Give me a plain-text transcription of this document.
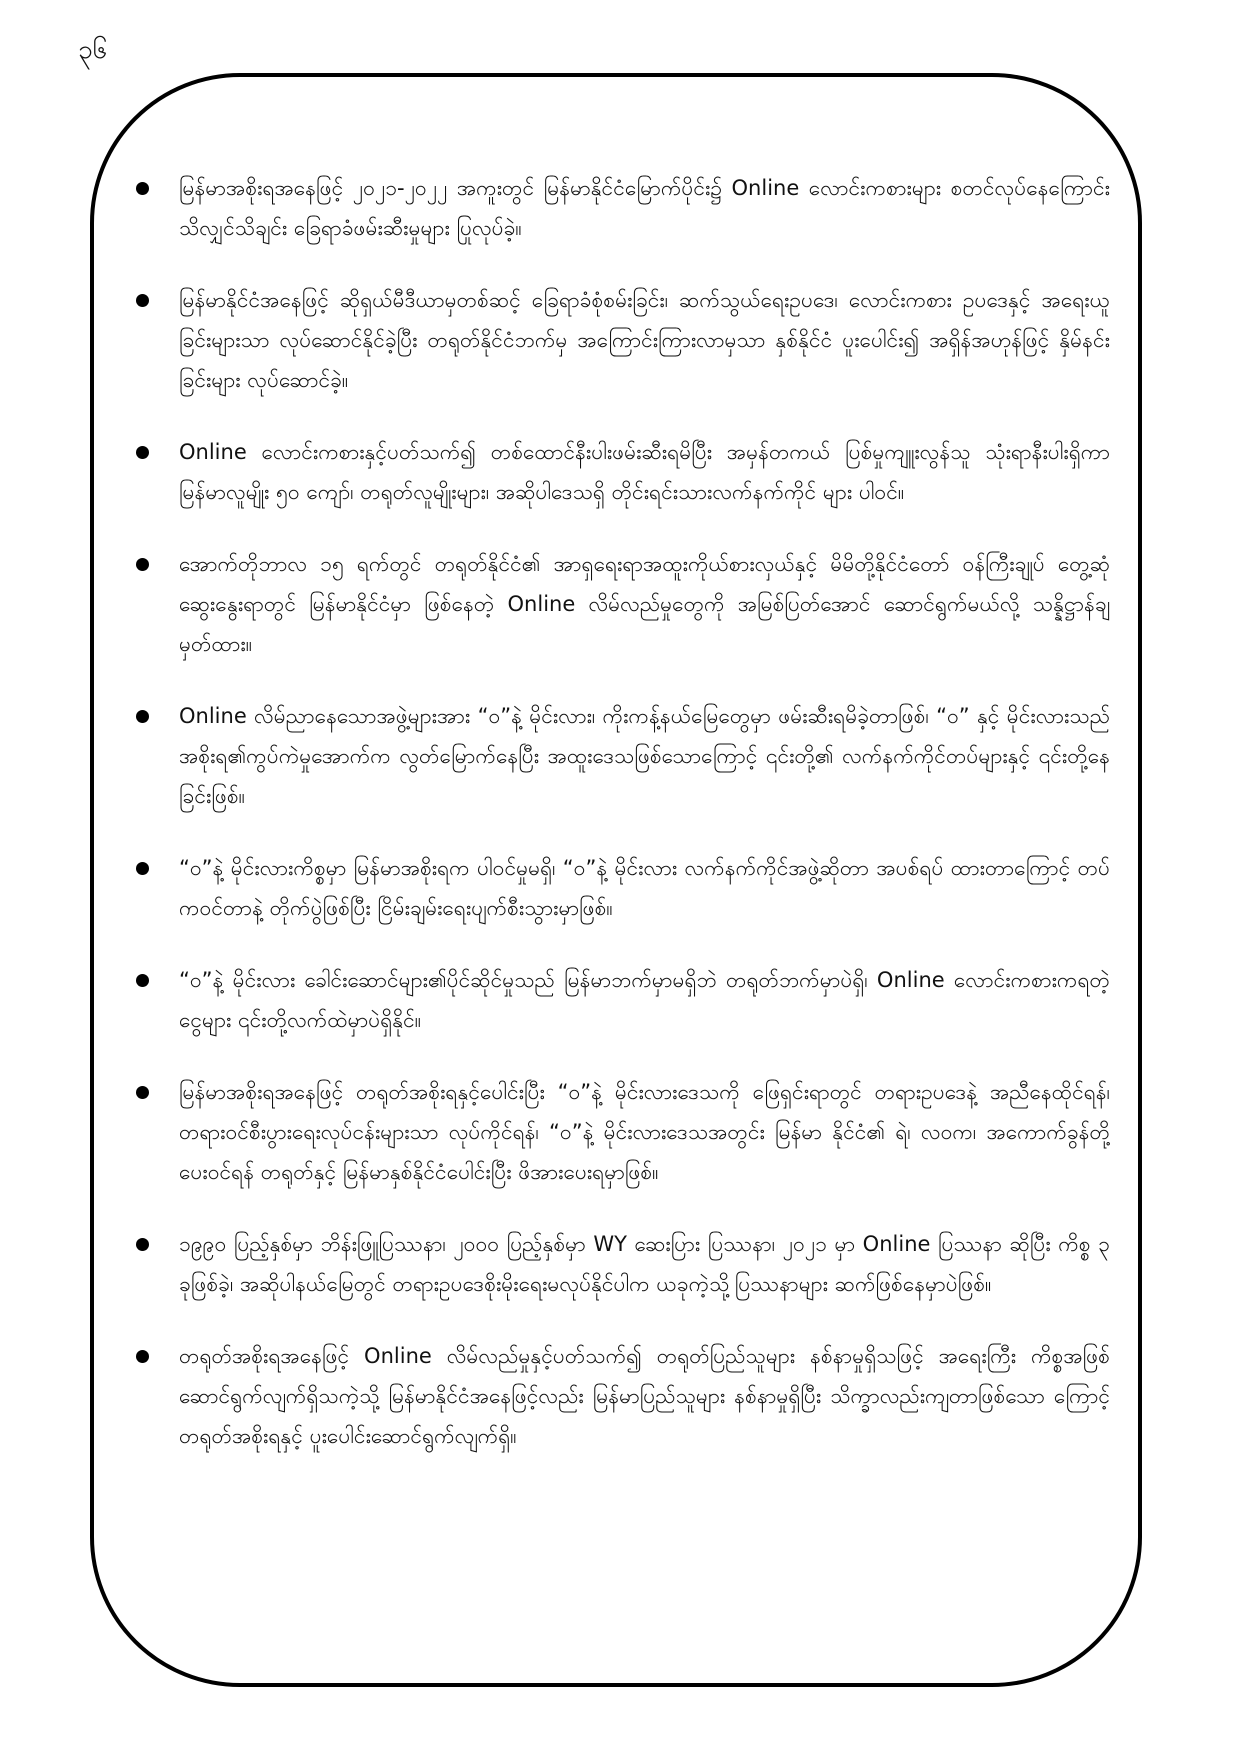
၃၆
မြန်မာအစိုးရအနေဖြင့် ၂၀၂၁-၂၀၂၂ အကူးတွင် မြန်မာနိုင်ငံမြောက်ပိုင်း၌ Online လောင်းကစားများ စတင်လုပ်နေကြောင်း သိလျှင်သိချင်း ခြေရာခံဖမ်းဆီးမှုများ ပြုလုပ်ခဲ့။
မြန်မာနိုင်ငံအနေဖြင့် ဆိုရှယ်မီဒီယာမှတစ်ဆင့် ခြေရာခံစုံစမ်းခြင်း၊ ဆက်သွယ်ရေးဥပဒေ၊ လောင်းကစား ဥပဒေနှင့် အရေးယူခြင်းများသာ လုပ်ဆောင်နိုင်ခဲ့ပြီး တရုတ်နိုင်ငံဘက်မှ အကြောင်းကြားလာမှသာ နှစ်နိုင်ငံ ပူးပေါင်း၍ အရှိန်အဟုန်ဖြင့် နှိမ်နင်းခြင်းများ လုပ်ဆောင်ခဲ့။
Online လောင်းကစားနှင့်ပတ်သက်၍ တစ်ထောင်နီးပါးဖမ်းဆီးရမိပြီး အမှန်တကယ် ပြစ်မှုကျူးလွန်သူ သုံးရာနီးပါးရှိကာ မြန်မာလူမျိုး ၅၀ ကျော်၊ တရုတ်လူမျိုးများ၊ အဆိုပါဒေသရှိ တိုင်းရင်းသားလက်နက်ကိုင် များ ပါဝင်။
အောက်တိုဘာလ ၁၅ ရက်တွင် တရုတ်နိုင်ငံ၏ အာရှရေးရာအထူးကိုယ်စားလှယ်နှင့် မိမိတို့နိုင်ငံတော် ဝန်ကြီးချုပ် တွေ့ဆုံဆွေးနွေးရာတွင် မြန်မာနိုင်ငံမှာ ဖြစ်နေတဲ့ Online လိမ်လည်မှုတွေကို အမြစ်ပြတ်အောင် ဆောင်ရွက်မယ်လို့ သန္နိဋ္ဌာန်ချမှတ်ထား။
Online လိမ်ညာနေသောအဖွဲ့များအား “ဝ”နဲ့ မိုင်းလား၊ ကိုးကန့်နယ်မြေတွေမှာ ဖမ်းဆီးရမိခဲ့တာဖြစ်၊ “ဝ” နှင့် မိုင်းလားသည် အစိုးရ၏ကွပ်ကဲမှုအောက်က လွတ်မြောက်နေပြီး အထူးဒေသဖြစ်သောကြောင့် ၎င်းတို့၏ လက်နက်ကိုင်တပ်များနှင့် ၎င်းတို့နေခြင်းဖြစ်။
“ဝ”နဲ့ မိုင်းလားကိစ္စမှာ မြန်မာအစိုးရက ပါဝင်မှုမရှိ၊ “ဝ”နဲ့ မိုင်းလား လက်နက်ကိုင်အဖွဲ့ဆိုတာ အပစ်ရပ် ထားတာကြောင့် တပ်ကဝင်တာနဲ့ တိုက်ပွဲဖြစ်ပြီး ငြိမ်းချမ်းရေးပျက်စီးသွားမှာဖြစ်။
“ဝ”နဲ့ မိုင်းလား ခေါင်းဆောင်များ၏ပိုင်ဆိုင်မှုသည် မြန်မာဘက်မှာမရှိဘဲ တရုတ်ဘက်မှာပဲရှိ၊ Online လောင်းကစားကရတဲ့ငွေများ ၎င်းတို့လက်ထဲမှာပဲရှိနိုင်။
မြန်မာအစိုးရအနေဖြင့် တရုတ်အစိုးရနှင့်ပေါင်းပြီး “ဝ”နဲ့ မိုင်းလားဒေသကို ဖြေရှင်းရာတွင် တရားဥပဒေနဲ့ အညီနေထိုင်ရန်၊ တရားဝင်စီးပွားရေးလုပ်ငန်းများသာ လုပ်ကိုင်ရန်၊ “ဝ”နဲ့ မိုင်းလားဒေသအတွင်း မြန်မာ နိုင်ငံ၏ ရဲ၊ လဝက၊ အကောက်ခွန်တို့ပေးဝင်ရန် တရုတ်နှင့် မြန်မာနှစ်နိုင်ငံပေါင်းပြီး ဖိအားပေးရမှာဖြစ်။
၁၉၉၀ ပြည့်နှစ်မှာ ဘိန်းဖြူပြဿနာ၊ ၂၀၀၀ ပြည့်နှစ်မှာ WY ဆေးပြား ပြဿနာ၊ ၂၀၂၁ မှာ Online ပြဿနာ ဆိုပြီး ကိစ္စ ၃ ခုဖြစ်ခဲ့၊ အဆိုပါနယ်မြေတွင် တရားဥပဒေစိုးမိုးရေးမလုပ်နိုင်ပါက ယခုကဲ့သို့ပြဿနာများ ဆက်ဖြစ်နေမှာပဲဖြစ်။
တရုတ်အစိုးရအနေဖြင့် Online လိမ်လည်မှုနှင့်ပတ်သက်၍ တရုတ်ပြည်သူများ နစ်နာမှုရှိသဖြင့် အရေးကြီး ကိစ္စအဖြစ် ဆောင်ရွက်လျက်ရှိသကဲ့သို့ မြန်မာနိုင်ငံအနေဖြင့်လည်း မြန်မာပြည်သူများ နစ်နာမှုရှိပြီး သိက္ခာလည်းကျတာဖြစ်သော ကြောင့် တရုတ်အစိုးရနှင့် ပူးပေါင်းဆောင်ရွက်လျက်ရှိ။
